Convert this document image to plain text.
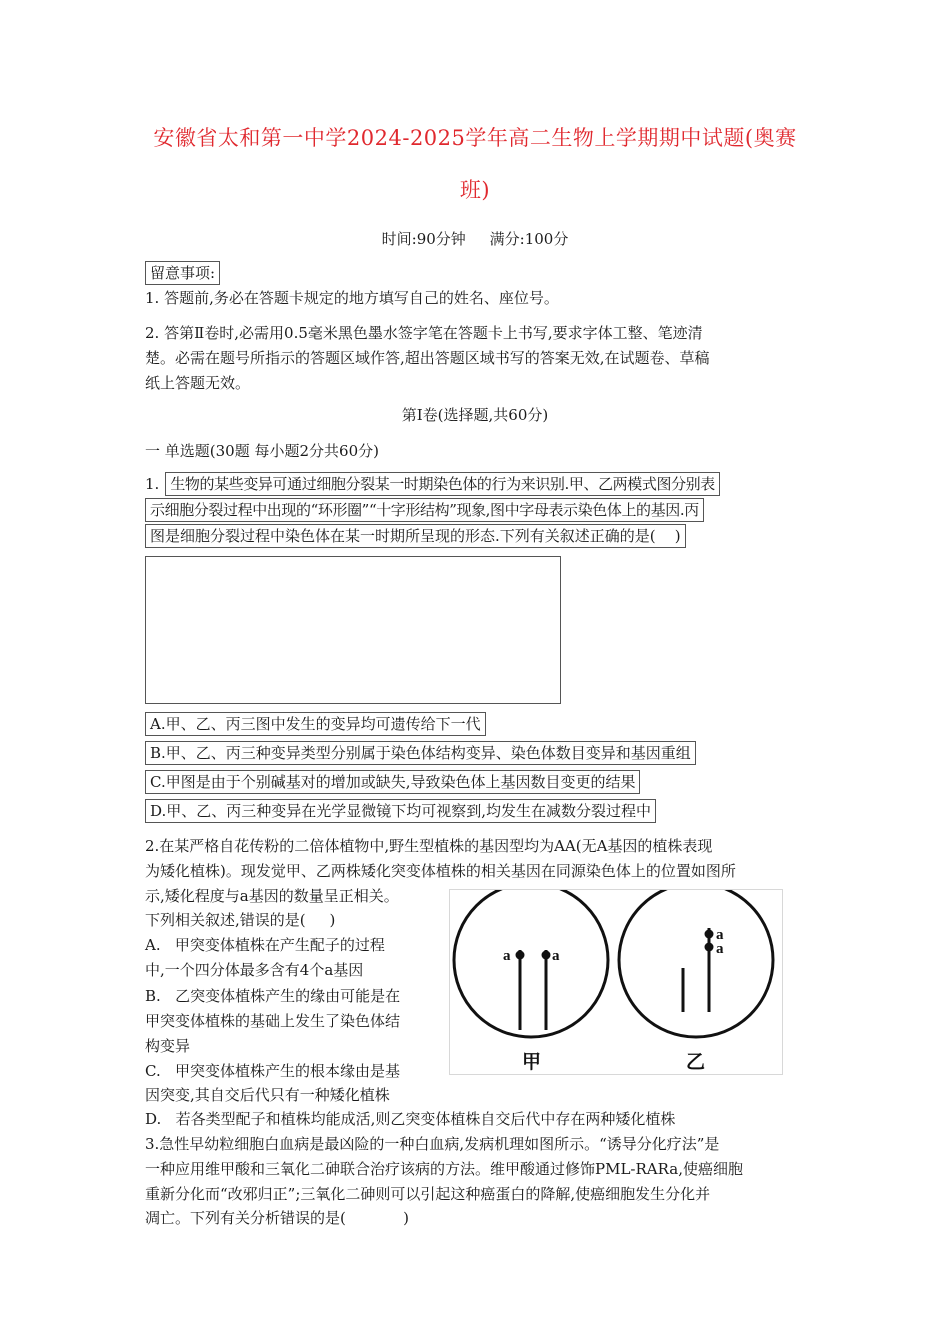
安徽省太和第一中学2024-2025学年高二生物上学期期中试题(奥赛
班)
时间:90分钟     满分:100分
留意事项:
1. 答题前,务必在答题卡规定的地方填写自己的姓名、座位号。
2. 答第Ⅱ卷时,必需用0.5毫米黑色墨水签字笔在答题卡上书写,要求字体工整、笔迹清
楚。必需在题号所指示的答题区域作答,超出答题区域书写的答案无效,在试题卷、草稿
纸上答题无效。
第Ⅰ卷(选择题,共60分)
一 单选题(30题 每小题2分共60分)
1. 生物的某些变异可通过细胞分裂某一时期染色体的行为来识别.甲、乙两模式图分别表
示细胞分裂过程中出现的“环形圈”“十字形结构”现象,图中字母表示染色体上的基因.丙
图是细胞分裂过程中染色体在某一时期所呈现的形态.下列有关叙述正确的是(    )
A.甲、乙、丙三图中发生的变异均可遗传给下一代
B.甲、乙、丙三种变异类型分别属于染色体结构变异、染色体数目变异和基因重组
C.甲图是由于个别碱基对的增加或缺失,导致染色体上基因数目变更的结果
D.甲、乙、丙三种变异在光学显微镜下均可视察到,均发生在减数分裂过程中
2.在某严格自花传粉的二倍体植物中,野生型植株的基因型均为AA(无A基因的植株表现
为矮化植株)。现发觉甲、乙两株矮化突变体植株的相关基因在同源染色体上的位置如图所
示,矮化程度与a基因的数量呈正相关。
下列相关叙述,错误的是(     )
A.   甲突变体植株在产生配子的过程
中,一个四分体最多含有4个a基因
B.   乙突变体植株产生的缘由可能是在
甲突变体植株的基础上发生了染色体结
构变异
C.   甲突变体植株产生的根本缘由是基
因突变,其自交后代只有一种矮化植株
a	a
甲
a
a
乙
D.   若各类型配子和植株均能成活,则乙突变体植株自交后代中存在两种矮化植株
3.急性早幼粒细胞白血病是最凶险的一种白血病,发病机理如图所示。“诱导分化疗法”是
一种应用维甲酸和三氧化二砷联合治疗该病的方法。维甲酸通过修饰PML-RARa,使癌细胞
重新分化而“改邪归正”;三氧化二砷则可以引起这种癌蛋白的降解,使癌细胞发生分化并
凋亡。下列有关分析错误的是(            )
